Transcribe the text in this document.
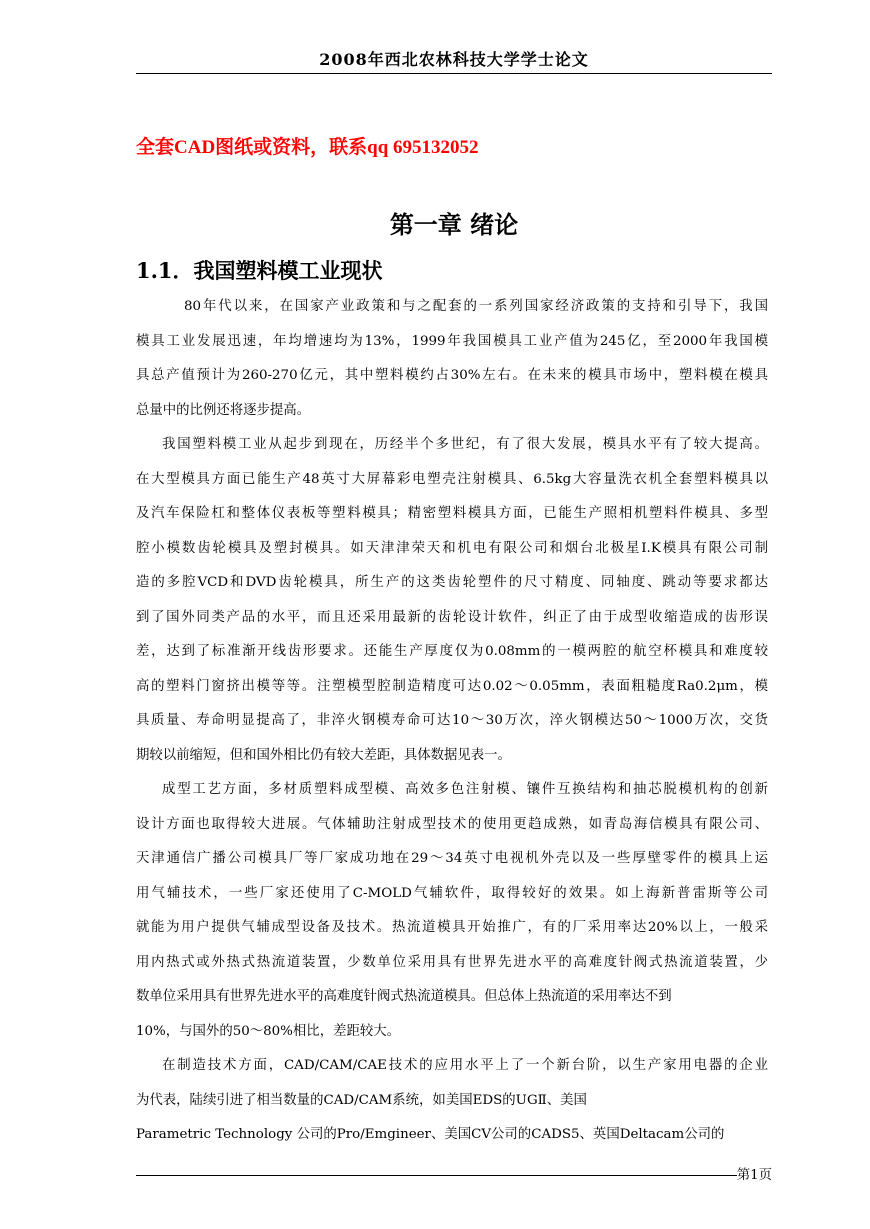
2008年西北农林科技大学学士论文
全套CAD图纸或资料，联系qq 695132052
第一章 绪论
1.1．我国塑料模工业现状
80年代以来，在国家产业政策和与之配套的一系列国家经济政策的支持和引导下，我国
模具工业发展迅速，年均增速均为13%，1999年我国模具工业产值为245亿，至2000年我国模
具总产值预计为260-270亿元，其中塑料模约占30%左右。在未来的模具市场中，塑料模在模具
总量中的比例还将逐步提高。
我国塑料模工业从起步到现在，历经半个多世纪，有了很大发展，模具水平有了较大提高。
在大型模具方面已能生产48英寸大屏幕彩电塑壳注射模具、6.5kg大容量洗衣机全套塑料模具以
及汽车保险杠和整体仪表板等塑料模具；精密塑料模具方面，已能生产照相机塑料件模具、多型
腔小模数齿轮模具及塑封模具。如天津津荣天和机电有限公司和烟台北极星I.K模具有限公司制
造的多腔VCD和DVD齿轮模具，所生产的这类齿轮塑件的尺寸精度、同轴度、跳动等要求都达
到了国外同类产品的水平，而且还采用最新的齿轮设计软件，纠正了由于成型收缩造成的齿形误
差，达到了标准渐开线齿形要求。还能生产厚度仅为0.08mm的一模两腔的航空杯模具和难度较
高的塑料门窗挤出模等等。注塑模型腔制造精度可达0.02～0.05mm，表面粗糙度Ra0.2μm，模
具质量、寿命明显提高了，非淬火钢模寿命可达10～30万次，淬火钢模达50～1000万次，交货
期较以前缩短，但和国外相比仍有较大差距，具体数据见表一。
成型工艺方面，多材质塑料成型模、高效多色注射模、镶件互换结构和抽芯脱模机构的创新
设计方面也取得较大进展。气体辅助注射成型技术的使用更趋成熟，如青岛海信模具有限公司、
天津通信广播公司模具厂等厂家成功地在29～34英寸电视机外壳以及一些厚壁零件的模具上运
用气辅技术，一些厂家还使用了C-MOLD气辅软件，取得较好的效果。如上海新普雷斯等公司
就能为用户提供气辅成型设备及技术。热流道模具开始推广，有的厂采用率达20%以上，一般采
用内热式或外热式热流道装置，少数单位采用具有世界先进水平的高难度针阀式热流道装置，少
数单位采用具有世界先进水平的高难度针阀式热流道模具。但总体上热流道的采用率达不到
10%，与国外的50～80%相比，差距较大。
在制造技术方面，CAD/CAM/CAE技术的应用水平上了一个新台阶，以生产家用电器的企业
为代表，陆续引进了相当数量的CAD/CAM系统，如美国EDS的UGⅡ、美国
Parametric Technology 公司的Pro/Emgineer、美国CV公司的CADS5、英国Deltacam公司的
第1页
